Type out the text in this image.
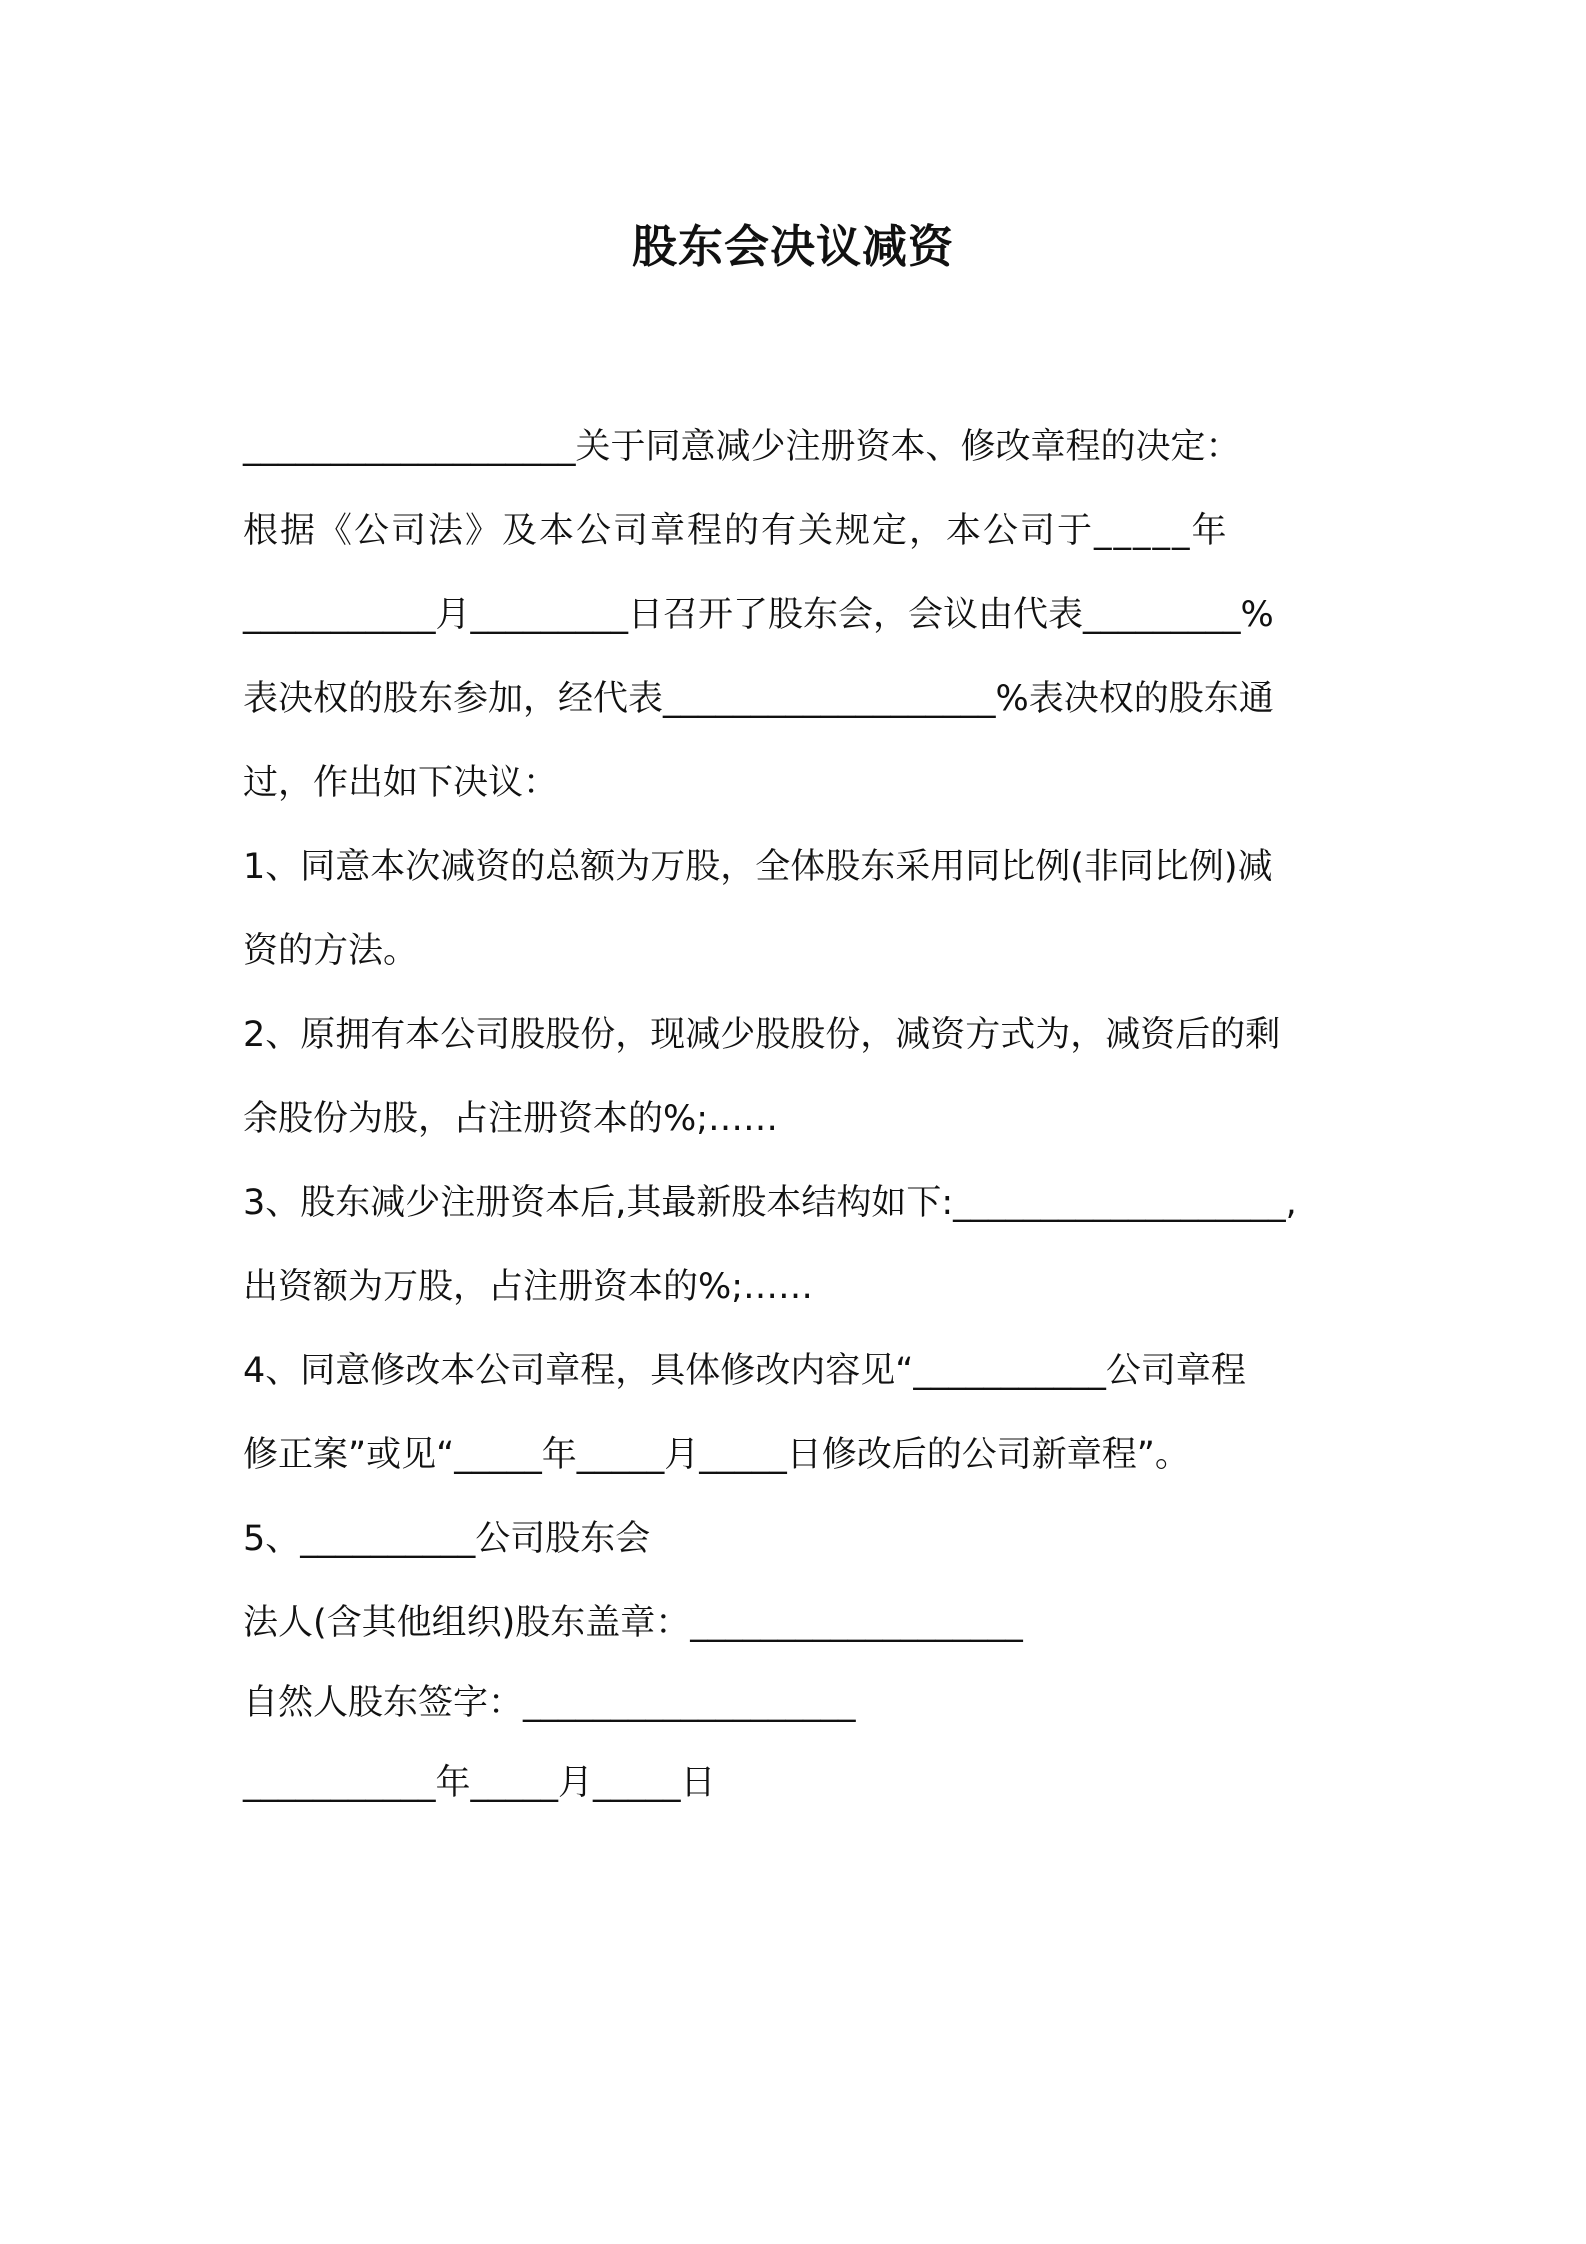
股东会决议减资
___________________关于同意减少注册资本、修改章程的决定：
根据《公司法》及本公司章程的有关规定，本公司于_____年
___________月_________日召开了股东会，会议由代表_________%
表决权的股东参加，经代表___________________%表决权的股东通
过，作出如下决议：
1、同意本次减资的总额为万股，全体股东采用同比例(非同比例)减
资的方法。
2、原拥有本公司股股份，现减少股股份，减资方式为，减资后的剩
余股份为股，占注册资本的%;……
3、股东减少注册资本后,其最新股本结构如下:___________________,
出资额为万股，占注册资本的%;……
4、同意修改本公司章程，具体修改内容见“___________公司章程
修正案”或见“_____年_____月_____日修改后的公司新章程”。
5、__________公司股东会
法人(含其他组织)股东盖章：___________________
自然人股东签字：___________________
___________年_____月_____日
